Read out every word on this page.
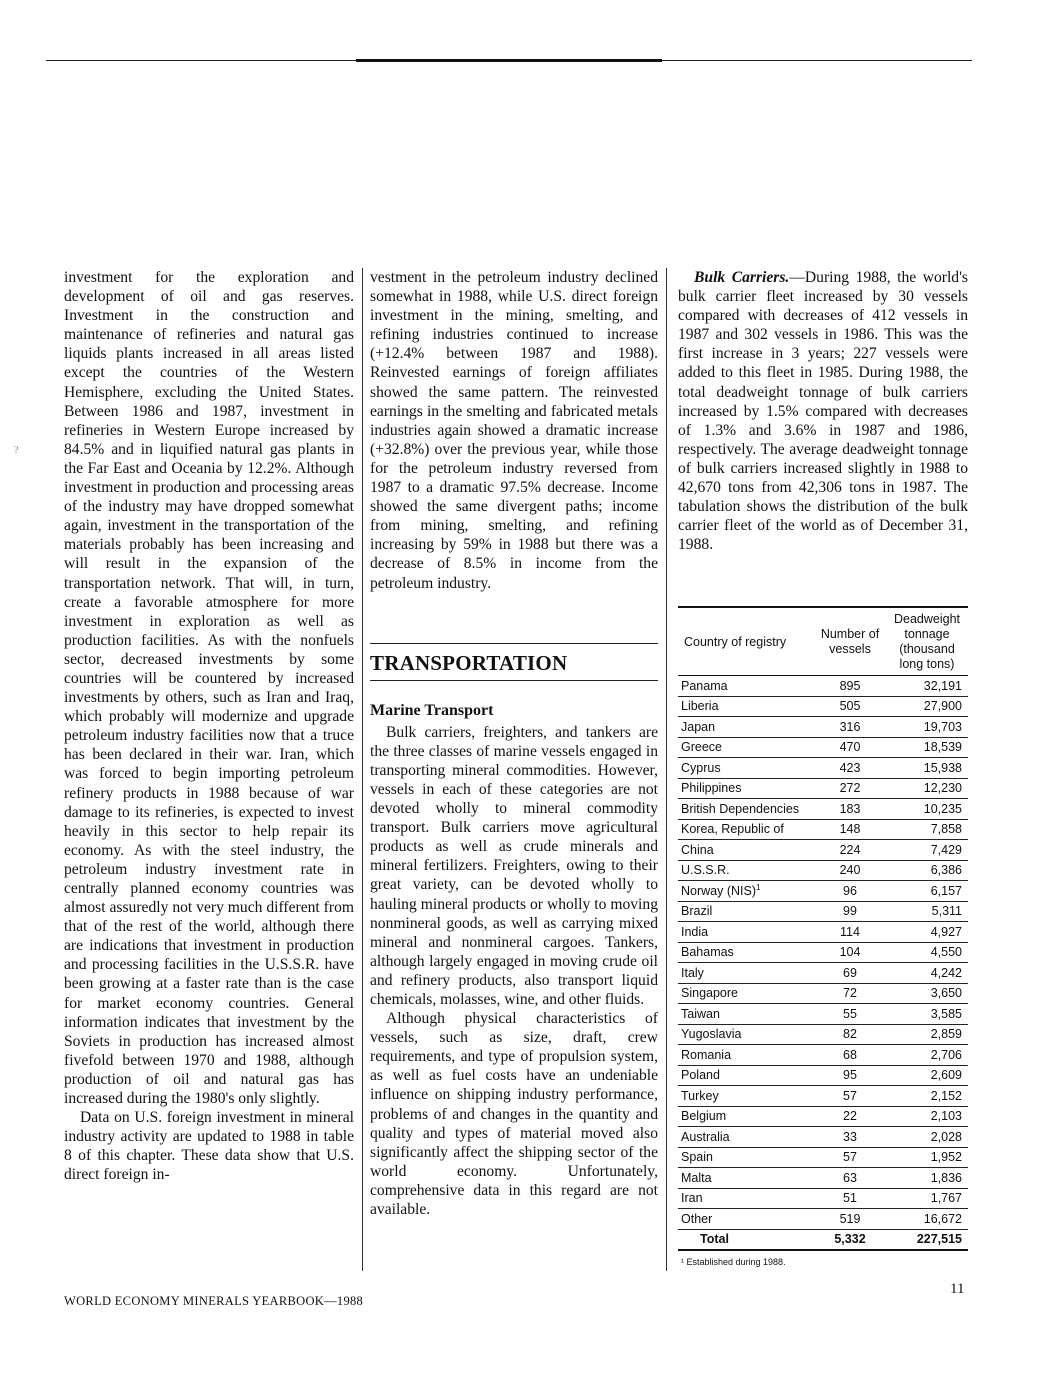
?

investment for the exploration and development of oil and gas reserves. Investment in the construction and maintenance of refineries and natural gas liquids plants increased in all areas listed except the countries of the Western Hemisphere, excluding the United States. Between 1986 and 1987, investment in refineries in Western Europe increased by 84.5% and in liquified natural gas plants in the Far East and Oceania by 12.2%. Although investment in production and processing areas of the industry may have dropped somewhat again, investment in the transportation of the materials probably has been increasing and will result in the expansion of the transportation network. That will, in turn, create a favorable atmosphere for more investment in exploration as well as production facilities. As with the nonfuels sector, decreased investments by some countries will be countered by increased investments by others, such as Iran and Iraq, which probably will modernize and upgrade petroleum industry facilities now that a truce has been declared in their war. Iran, which was forced to begin importing petroleum refinery products in 1988 because of war damage to its refineries, is expected to invest heavily in this sector to help repair its economy. As with the steel industry, the petroleum industry investment rate in centrally planned economy countries was almost assuredly not very much different from that of the rest of the world, although there are indications that investment in production and processing facilities in the U.S.S.R. have been growing at a faster rate than is the case for market economy countries. General information indicates that investment by the Soviets in production has increased almost fivefold between 1970 and 1988, although production of oil and natural gas has increased during the 1980's only slightly.

Data on U.S. foreign investment in mineral industry activity are updated to 1988 in table 8 of this chapter. These data show that U.S. direct foreign in-

vestment in the petroleum industry declined somewhat in 1988, while U.S. direct foreign investment in the mining, smelting, and refining industries continued to increase (+12.4% between 1987 and 1988). Reinvested earnings of foreign affiliates showed the same pattern. The reinvested earnings in the smelting and fabricated metals industries again showed a dramatic increase (+32.8%) over the previous year, while those for the petroleum industry reversed from 1987 to a dramatic 97.5% decrease. Income showed the same divergent paths; income from mining, smelting, and refining increasing by 59% in 1988 but there was a decrease of 8.5% in income from the petroleum industry.

TRANSPORTATION
Marine Transport

Bulk carriers, freighters, and tankers are the three classes of marine vessels engaged in transporting mineral commodities. However, vessels in each of these categories are not devoted wholly to mineral commodity transport. Bulk carriers move agricultural products as well as crude minerals and mineral fertilizers. Freighters, owing to their great variety, can be devoted wholly to hauling mineral products or wholly to moving nonmineral goods, as well as carrying mixed mineral and nonmineral cargoes. Tankers, although largely engaged in moving crude oil and refinery products, also transport liquid chemicals, molasses, wine, and other fluids.

Although physical characteristics of vessels, such as size, draft, crew requirements, and type of propulsion system, as well as fuel costs have an undeniable influence on shipping industry performance, problems of and changes in the quantity and quality and types of material moved also significantly affect the shipping sector of the world economy. Unfortunately, comprehensive data in this regard are not available.

Bulk Carriers.—During 1988, the world's bulk carrier fleet increased by 30 vessels compared with decreases of 412 vessels in 1987 and 302 vessels in 1986. This was the first increase in 3 years; 227 vessels were added to this fleet in 1985. During 1988, the total deadweight tonnage of bulk carriers increased by 1.5% compared with decreases of 1.3% and 3.6% in 1987 and 1986, respectively. The average deadweight tonnage of bulk carriers increased slightly in 1988 to 42,670 tons from 42,306 tons in 1987. The tabulation shows the distribution of the bulk carrier fleet of the world as of December 31, 1988.

Country of registry	Number of vessels	Deadweight tonnage (thousand long tons)
Panama	895	32,191
Liberia	505	27,900
Japan	316	19,703
Greece	470	18,539
Cyprus	423	15,938
Philippines	272	12,230
British Dependencies	183	10,235
Korea, Republic of	148	7,858
China	224	7,429
U.S.S.R.	240	6,386
Norway (NIS)$^1$	96	6,157
Brazil	99	5,311
India	114	4,927
Bahamas	104	4,550
Italy	69	4,242
Singapore	72	3,650
Taiwan	55	3,585
Yugoslavia	82	2,859
Romania	68	2,706
Poland	95	2,609
Turkey	57	2,152
Belgium	22	2,103
Australia	33	2,028
Spain	57	1,952
Malta	63	1,836
Iran	51	1,767
Other	519	16,672
Total	5,332	227,515
¹ Established during 1988.
WORLD ECONOMY MINERALS YEARBOOK—1988
11
